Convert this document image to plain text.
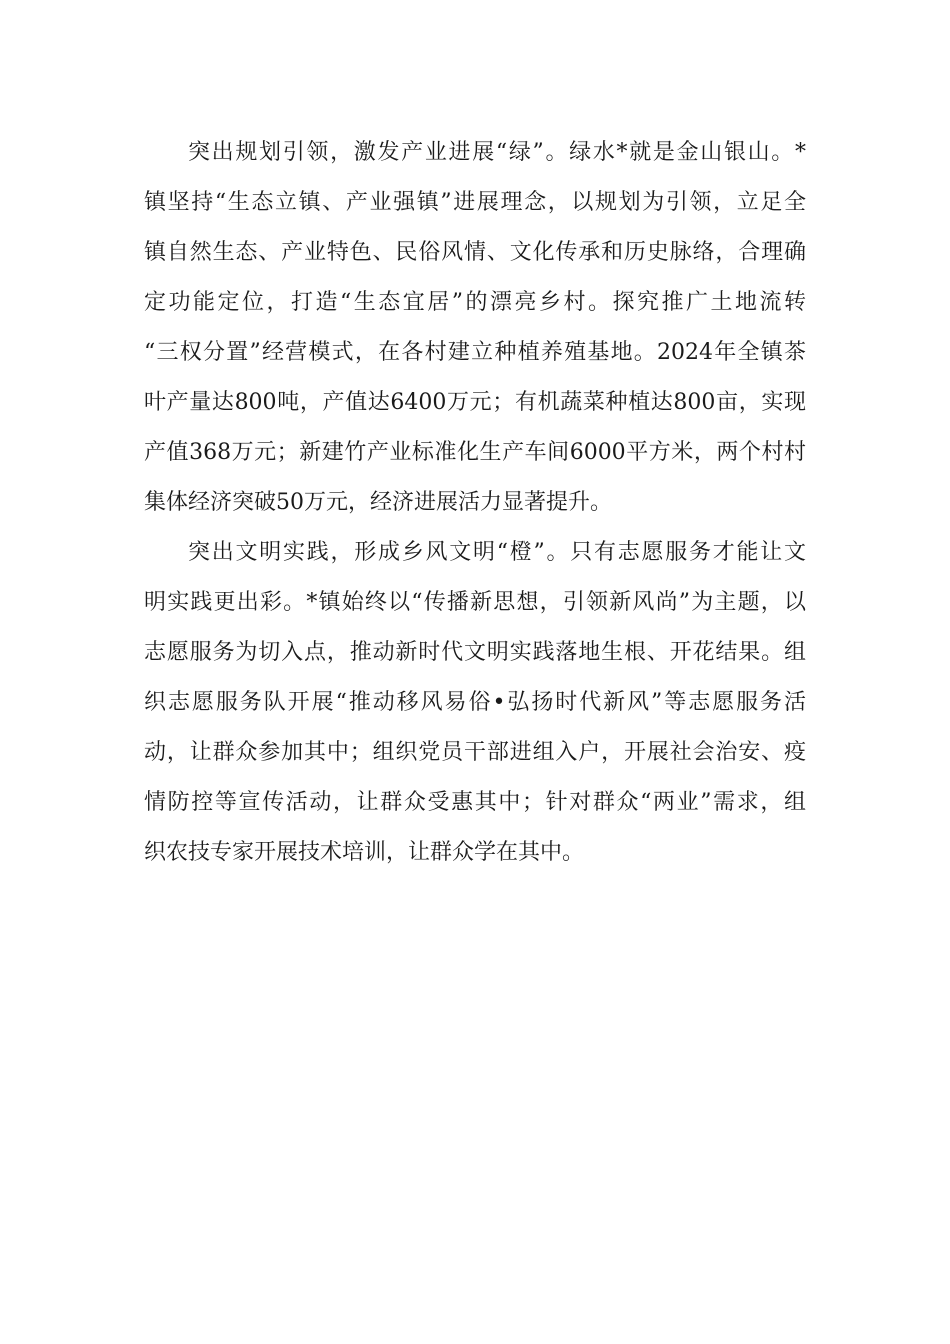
突出规划引领，激发产业进展“绿”。绿水*就是金山银山。*
镇坚持“生态立镇、产业强镇”进展理念，以规划为引领，立足全
镇自然生态、产业特色、民俗风情、文化传承和历史脉络，合理确
定功能定位，打造“生态宜居”的漂亮乡村。探究推广土地流转
“三权分置”经营模式，在各村建立种植养殖基地。2024年全镇茶
叶产量达800吨，产值达6400万元；有机蔬菜种植达800亩，实现
产值368万元；新建竹产业标准化生产车间6000平方米，两个村村
集体经济突破50万元，经济进展活力显著提升。
突出文明实践，形成乡风文明“橙”。只有志愿服务才能让文
明实践更出彩。*镇始终以“传播新思想，引领新风尚”为主题，以
志愿服务为切入点，推动新时代文明实践落地生根、开花结果。组
织志愿服务队开展“推动移风易俗•弘扬时代新风”等志愿服务活
动，让群众参加其中；组织党员干部进组入户，开展社会治安、疫
情防控等宣传活动，让群众受惠其中；针对群众“两业”需求，组
织农技专家开展技术培训，让群众学在其中。
